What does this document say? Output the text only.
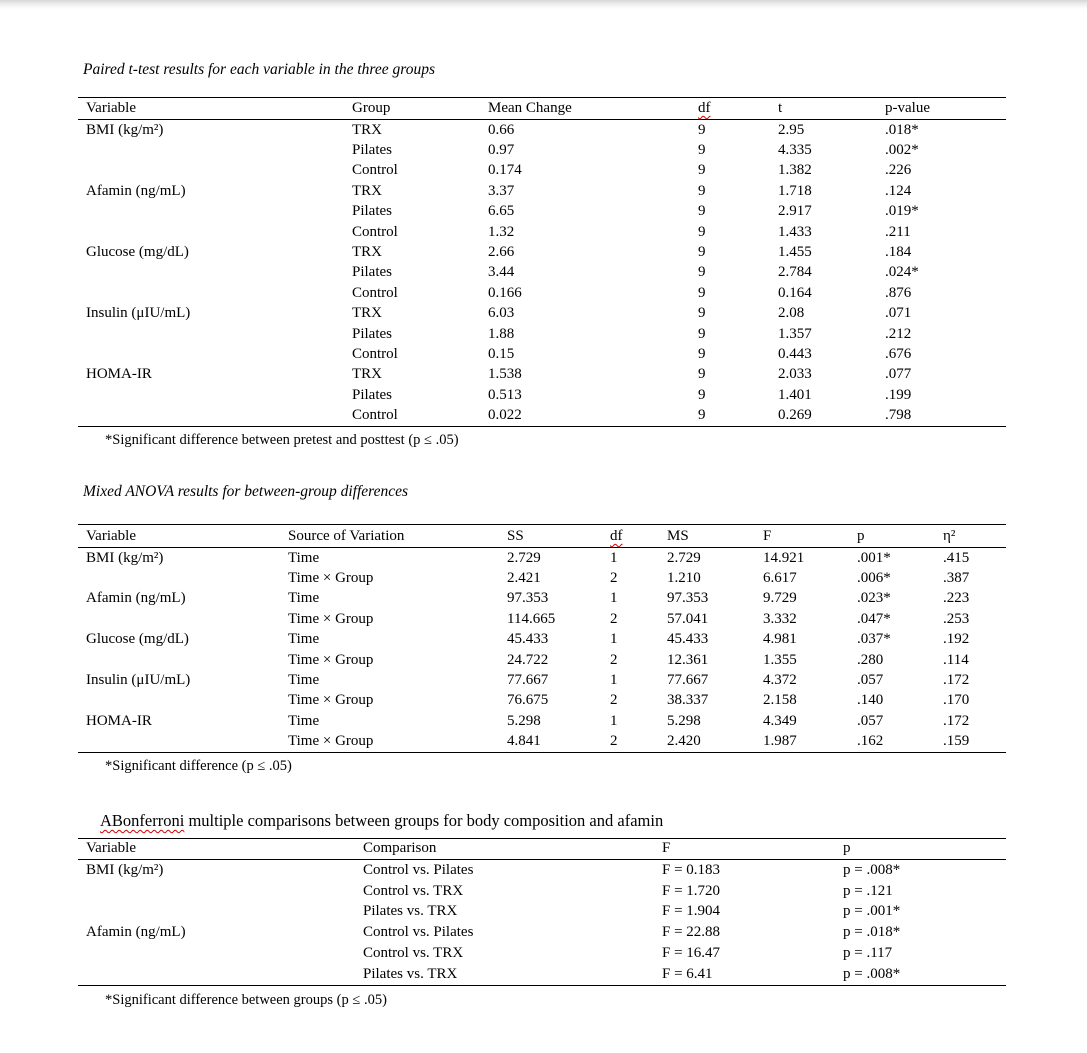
Paired t-test results for each variable in the three groups
Variable	Group	Mean Change	df	t	p-value
BMI (kg/m²)	TRX	0.66	9	2.95	.018*
Pilates	0.97	9	4.335	.002*
Control	0.174	9	1.382	.226
Afamin (ng/mL)	TRX	3.37	9	1.718	.124
Pilates	6.65	9	2.917	.019*
Control	1.32	9	1.433	.211
Glucose (mg/dL)	TRX	2.66	9	1.455	.184
Pilates	3.44	9	2.784	.024*
Control	0.166	9	0.164	.876
Insulin (μIU/mL)	TRX	6.03	9	2.08	.071
Pilates	1.88	9	1.357	.212
Control	0.15	9	0.443	.676
HOMA-IR	TRX	1.538	9	2.033	.077
Pilates	0.513	9	1.401	.199
Control	0.022	9	0.269	.798
*Significant difference between pretest and posttest (p ≤ .05)
Mixed ANOVA results for between-group differences
Variable	Source of Variation	SS	df	MS	F	p	η²
BMI (kg/m²)	Time	2.729	1	2.729	14.921	.001*	.415
Time × Group	2.421	2	1.210	6.617	.006*	.387
Afamin (ng/mL)	Time	97.353	1	97.353	9.729	.023*	.223
Time × Group	114.665	2	57.041	3.332	.047*	.253
Glucose (mg/dL)	Time	45.433	1	45.433	4.981	.037*	.192
Time × Group	24.722	2	12.361	1.355	.280	.114
Insulin (μIU/mL)	Time	77.667	1	77.667	4.372	.057	.172
Time × Group	76.675	2	38.337	2.158	.140	.170
HOMA-IR	Time	5.298	1	5.298	4.349	.057	.172
Time × Group	4.841	2	2.420	1.987	.162	.159
*Significant difference (p ≤ .05)
ABonferroni multiple comparisons between groups for body composition and afamin
Variable	Comparison	F	p
BMI (kg/m²)	Control vs. Pilates	F = 0.183	p = .008*
Control vs. TRX	F = 1.720	p = .121
Pilates vs. TRX	F = 1.904	p = .001*
Afamin (ng/mL)	Control vs. Pilates	F = 22.88	p = .018*
Control vs. TRX	F = 16.47	p = .117
Pilates vs. TRX	F = 6.41	p = .008*
*Significant difference between groups (p ≤ .05)
